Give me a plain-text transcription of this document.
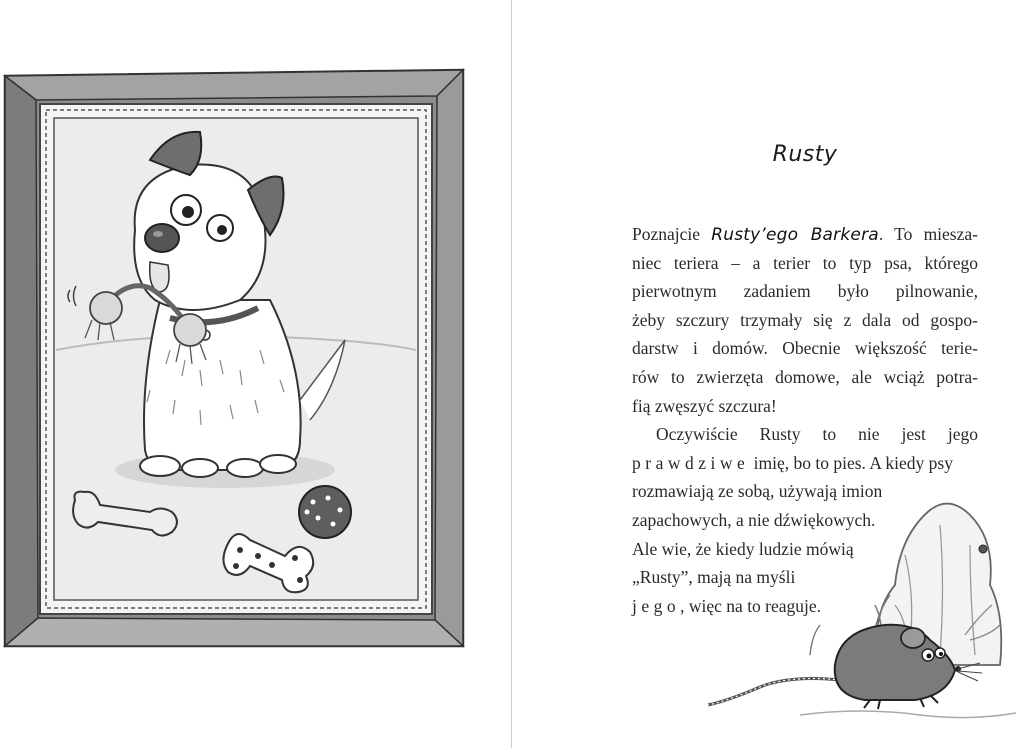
Rusty
Poznajcie Rusty’ego Barkera. To miesza-
niec teriera – a terier to typ psa, którego
pierwotnym zadaniem było pilnowanie,
żeby szczury trzymały się z dala od gospo-
darstw i domów. Obecnie większość terie-
rów to zwierzęta domowe, ale wciąż potra-
fią zwęszyć szczura!
Oczywiście Rusty to nie jest jego
prawdziwe imię, bo to pies. A kiedy psy
rozmawiają ze sobą, używają imion
zapachowych, a nie dźwiękowych.
Ale wie, że kiedy ludzie mówią
„Rusty”, mają na myśli
jego, więc na to reaguje.
